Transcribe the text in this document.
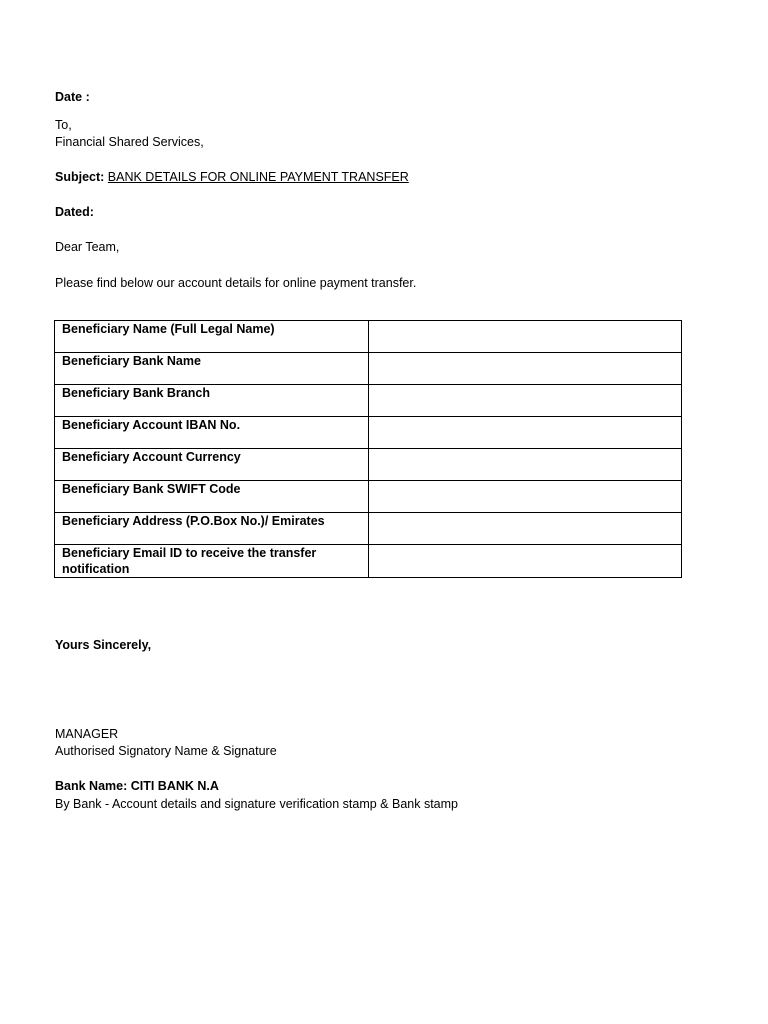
Date :
To,
Financial Shared Services,
Subject: BANK DETAILS FOR ONLINE PAYMENT TRANSFER
Dated:
Dear Team,
Please find below our account details for online payment transfer.
Beneficiary Name (Full Legal Name)	
Beneficiary Bank Name	
Beneficiary Bank Branch	
Beneficiary Account IBAN No.	
Beneficiary Account Currency	
Beneficiary Bank SWIFT Code	
Beneficiary Address (P.O.Box No.)/ Emirates	
Beneficiary Email ID to receive the transfer notification	
Yours Sincerely,
MANAGER
Authorised Signatory Name & Signature
Bank Name: CITI BANK N.A
By Bank - Account details and signature verification stamp & Bank stamp
